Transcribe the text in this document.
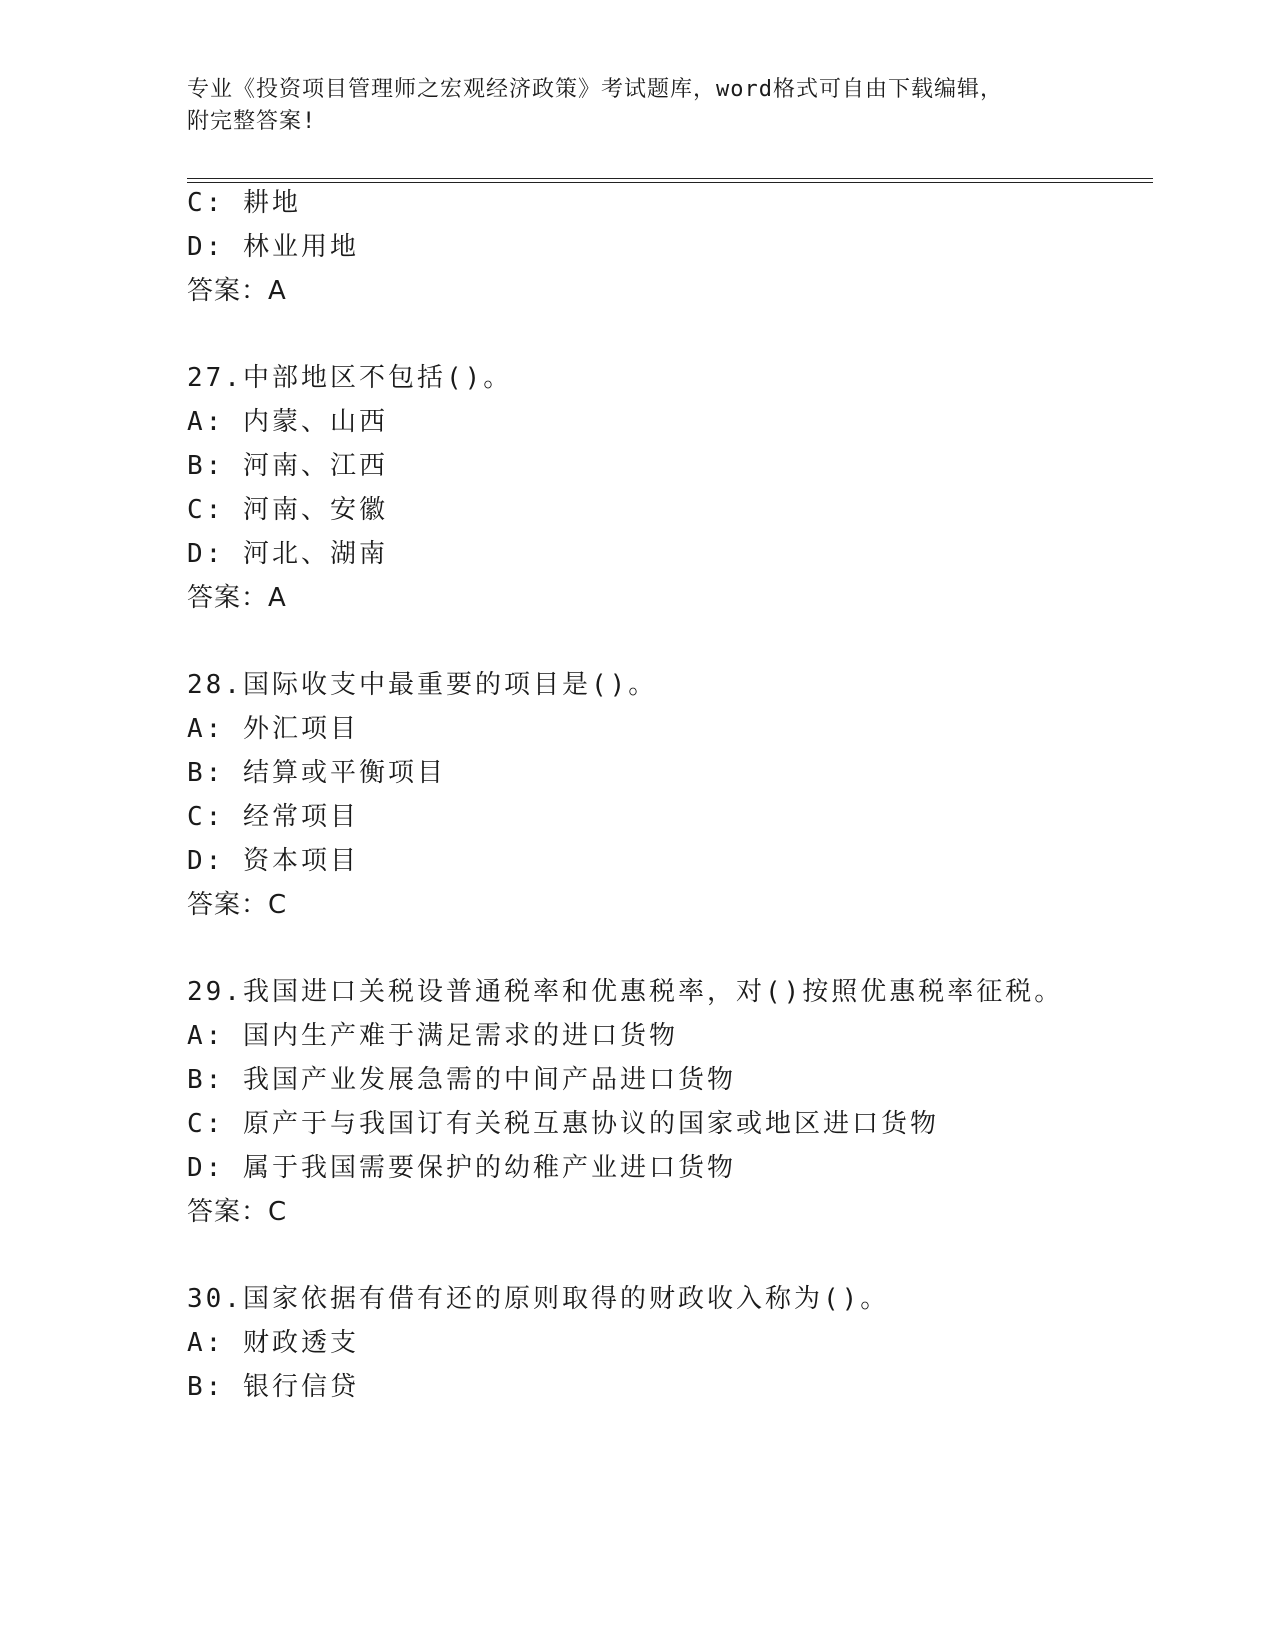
专业《投资项目管理师之宏观经济政策》考试题库，word格式可自由下载编辑，
附完整答案!
C: 耕地
D: 林业用地
答案：A
27.中部地区不包括()。
A: 内蒙、山西
B: 河南、江西
C: 河南、安徽
D: 河北、湖南
答案：A
28.国际收支中最重要的项目是()。
A: 外汇项目
B: 结算或平衡项目
C: 经常项目
D: 资本项目
答案：C
29.我国进口关税设普通税率和优惠税率，对()按照优惠税率征税。
A: 国内生产难于满足需求的进口货物
B: 我国产业发展急需的中间产品进口货物
C: 原产于与我国订有关税互惠协议的国家或地区进口货物
D: 属于我国需要保护的幼稚产业进口货物
答案：C
30.国家依据有借有还的原则取得的财政收入称为()。
A: 财政透支
B: 银行信贷
